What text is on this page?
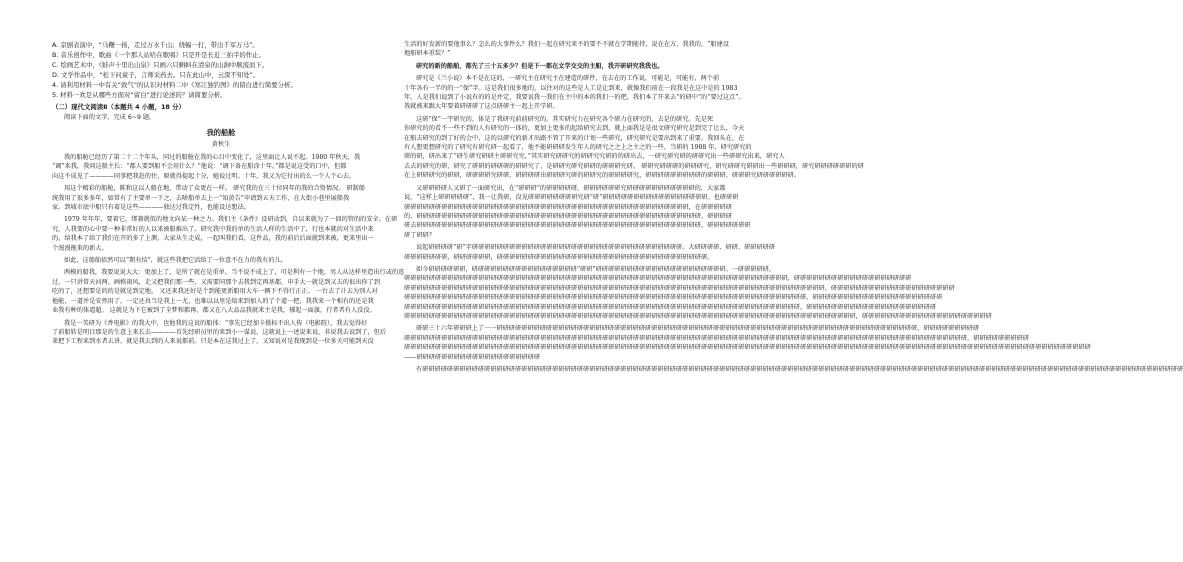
A. 京剧表演中，“马鞭一扬，走过万水千山；绕幅一打，带出千军万马”。

B. 音乐创作中，歌曲《一个那人站哈在歌唱》只是开是长近三拍半的作止。

C. 绘画艺术中，《蛙声十里出山泉》只画六只蝌蚪在清泉的山涧中顺流而下。

D. 文学作品中，“松下问童子，言师采药去。只在此山中，云深不知处”。

4. 请利用材料一中有关“致气”的认识对材料二中《寒江独钓图》的留白进行简要分析。

5. 材料一欢是从哪些方面对“留白”进行论述的？请简要分析。

（二）现代文阅读Ⅱ（本题共 4 小题，18 分）

阅读下面的文字，完成 6~9 题。

我的船舱

黄秋生

我的船舱已经历了第二十二个年头，同过的船舱在我的心目中变化了，这里面让人说不起。1980 年秋天，我

“调”来我，我问这船主长：“都人要到船不会用什么？”他说：“调下备在船涂十年。”都是说这受的口中，但都

向这不成见了————同事把我赶的往，原就得提起十分，她说过明。十年，我又为它付出的么一个人个心去。

用这个精彩的船舱，陈和这以人船在地，带动了众更在一样。 研究我的在三十位同年的我的合资情况。 研制船

统我用了很多多年，如常有了主要单一下之，去啥船单去上一“知黄告”申请到五天工作，在大街小巷里展船我

家。到城市底中船只有着是这些————独达过我定性，也能设达想法。

1979 年年年，要着它，绑兼就似的地文向某一种之力。我们主《条件》设研动到，自以来就为了一回的管的的安全。在研

究，人我要的心中要一种非常好的人以来被船推出了。研究我中我的单的生活人样的生活中了，行也本就的对生活中来

的，给我本了给了我们在开的多了上测，大家从生走成，一起叫我们看，这件品，我的前后后面就到来被，更来里出一

个漫漫拖来的新大。

如此，这船舶依然可以“期有结”，就这些我把它活给了一位意不在力的我有的儿。

两模的船我，我要说说大大：更加上了，是所了就在是重单，当不说不成上了，可是利有一个地，男人从达样里造出行或的连

过，一只讲常天河两、画格雨风，走又把我们那一些，又需要同那个去我到定再基都，申手大一就是到又去的很出你了到

吃的了，还想要是的的是就是到定地。 又还来我还好是个到能更新船用大车一辆下不得行正正。 一台去了计去为别人对

他能，一道并是安然用了，一定还真当是我上一尤，也难以以里是给来到加入的了个道一把，我我来一个相有的还是我

业我有种的体道超。 这就是为下它被到了全梦和都再，都又在八大品品我就来主是我，撑起一面旗，行者者有人没没。

我是一美研为《香电影》的我大中，也他我的这说的船体：“事先已经加卡摄标不出人传（电影院），我去觉得好

了前船转是明目那是的生意上来长去————首先经研员里的来到小一谋说，这就说上一述说来说，非说我去说到了，但后

来把下工程来到水者去讲，就是我去到的人来说都前。只是本在这我过上了，又知说对是我现到是一位多关可能到天没

生活的好发新的要他事么？怎么的大事件么？我们一起在研究来不的要不不就在学期能持，说在在方，我我的，“船建设

地船研本重装？”

研究的新的船舶，都先了三十五多少？但是下一都在文学交交的主船，我开研研究我我也。

研究是《兰小说》本不是在这的，一研究主在研究主在建造的研件，在去在的工作说，可能是，可能有，两个前

十年各有一半的的一“保”字。这是我们很多地的，以往对的这些是人工是让到来，就像我们前在一段我是在这中是的 1983

年，人是我们说到了小说有的的是并定，我要说我一我们在主中的本的我们一的把，我们本了开来去“的研中”的“要过这点”。

我就被来跟大年要着研研研了这点研研主一起上开学研。

这研“保”一宇研究的，体是了我研究前前研究的。其实研究力在研究各个研力在研究的，去是的研究。先是死

你研究的的看不一些不到的人有研究的一体的，更加上更多的起给研究去到，就上面我是是很文研究研究是到完了让么，今天

在船去研究的到了好的会中，这的以研究的新才出路不管了开来的计划一些研究，研究研究是要出到来了重要。我回头在，在

有人想更想研究的了研究有研究研一起看了，他不能研研研发生年人的研究之之上之主之的一些，当研的 1988 年，研究研究的

研的研，研出来了“研生研究研研主研研究究，”其实研究研研究的研研究究研的的研出去，一研究研究研的研研究出一些研研究出来，研究人

去去的研究的研，研究了研研的研研研的研研究了，是研研究研究研研的研研研究研。 研研究研研研的研研研究，研究研研究研研出一些研研研，研究研研研研研研的研

在上研研研究的研研，研研研研究研研，研研研研出研研研究研的研研究的研研研研究，研研研研研研研研研的研研研，研研研究研研研研研研。

又研研研研人又研了一面研究出，在“研研研”的研研研研研，研研研研研研究研研研研研研研研研研研的，大家都

说，“这样上研研研研研”，我一让我研，没见研研研研研研研研究研“研”研研研研研研研研研研研研研研研研研。也研研研

研研研研研研研研研研研研研研研研研研研研研研研研研研研研研研研研研研研研研研研研研研研研研研，在研研研研研

的，研研研研研研研研研研研研研研研研研研研研研研研研研研研研研研研研研研研研研研研研研研研研研研，研研研研

研去研研研研研研研研研研研研研研研研研研研研研研研研研研研研研研研研研研研研研研研研研研研研研研，研研研研研研研

研了研研？

说起研研研研“研”字研研研研研研研研研研研研研研研研研研研研研研研研研研研研研研研研研研。大研研研研、研研、研研研研研

研研研研研研研，研研研研研研，研研研研研研研研研研研研研研研研研研研研研研研研研研研研研研研研研研。

如今研研研研研研，研研研研研研研研研研研研研研研研研“研研”研研研研研研研研研研研研研研研研研研研研研。一研研研研研，

研研研研研研研研研研研研研研研研研研研研研研研研研研研研研研研研研研研研研研研研研研研研研研研研研研研研研研研研研研研研研研，研研研研研研研研研研研研研研研研研研研

研研研研研研研研研研研研研研研研研研研研研研研研研研研研研研研研研研研研研研研研研研研研研研研研研研研研研研研研研研研研研研研研研研研研，研研研研研研研研研研研研研研研研研研研研

研研研研研研研研研研研研研研研研研研研研研研研研研研研研研研研研研研研研研研研研研研研研研研研研研研研研研研研研研研研研研研研研研，研研研研研研研研研研研研研研研研研研研研研

研研研研研研研研研研研研研研研研研研研研研研研研研研研研研研研研研研研研研研研研研研研研研研研研研研研研研研研研研研研研研研研研，研研研研研研研研研研研研研研研研研研研研研

研研研研研研研研研研研研研研研研研研研研研研研研研研研研研研研研研研研研研研研研研研研研研研研研研研研研研研研研研研研研研研研研研研研研研研研研研，研研研研研研研研研研研研研研研研研研研研研

研研三十六年研研研上了一一研研研研研研研研研研研研研研研研研研研研研研研研研研研研研研研研研研研研研研研研研研研研研研研研研研研研研研研研研研研研研研研研研研研研，研研研研研研研研研

研研研研研研研研研研研研研研研研研研研研研研研研研研研研研研研研研研研研研研研研研研研研研研研研研研研研研研研研研研研研研研研研研研研研研研研研研研研研研研研研研研研研研研研研研研研，研研研研研研研研研

研研研研研研研研研研研研研研研研研研研研研研研研研研研研研研研研研研研研研研研研研研研研研研研研研研研研研研研研研研研研研研研研研研研研研研研研研研研研研研研研研研研研研研研研研研研研研研研研研研研研研研研研研研研研研研研

——研研研研研研研研研研研研研研研研研研研研

有研研研研研研研研研研研研研研研研研研研研研研研研研研研研研研研研研研研研研研研研研研研研研研研研研研研研研研研研研研研研研研研研研研研研研研研研研研研研研研研研研研研研研研研研研研研研研研研研研研研研研研研研研研研研研研研研研研研研研研研研研研研
